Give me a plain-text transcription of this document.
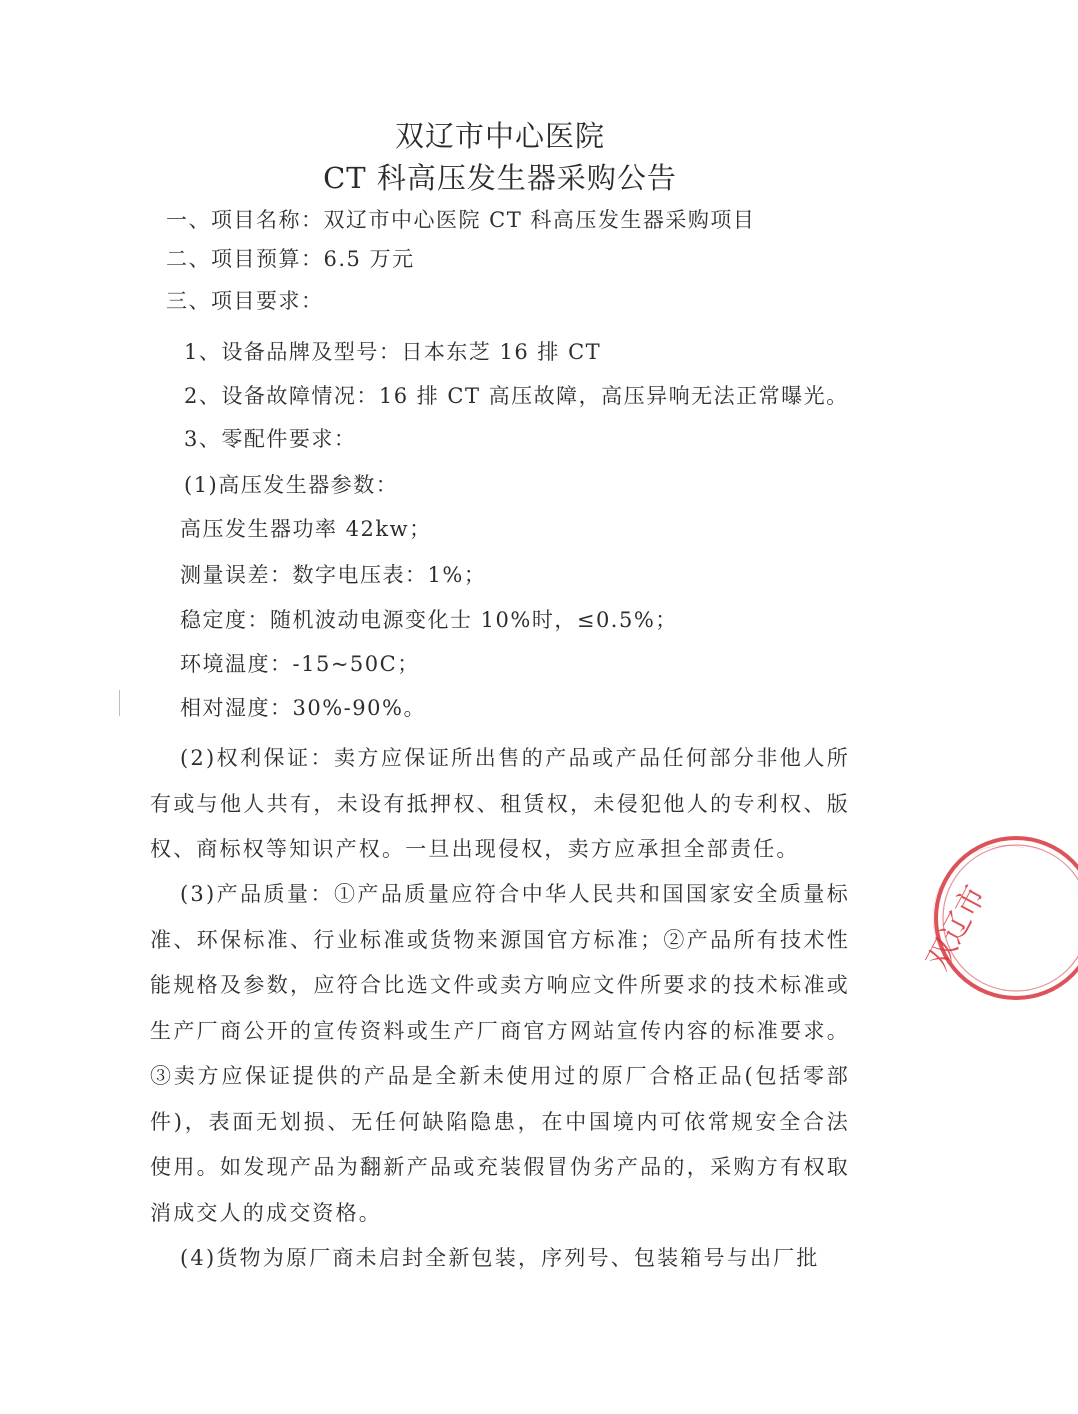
双辽市中心医院
CT 科高压发生器采购公告
一、项目名称：双辽市中心医院 CT 科高压发生器采购项目
二、项目预算：6.5 万元
三、项目要求：
1、设备品牌及型号：日本东芝 16 排 CT
2、设备故障情况：16 排 CT 高压故障，高压异响无法正常曝光。
3、零配件要求：
(1)高压发生器参数：
高压发生器功率 42kw；
测量误差：数字电压表：1%；
稳定度：随机波动电源变化士 10%时，≤0.5%；
环境温度：-15~50C；
相对湿度：30%-90%。
(2)权利保证：卖方应保证所出售的产品或产品任何部分非他人所有或与他人共有，未设有抵押权、租赁权，未侵犯他人的专利权、版权、商标权等知识产权。一旦出现侵权，卖方应承担全部责任。
(3)产品质量：①产品质量应符合中华人民共和国国家安全质量标准、环保标准、行业标准或货物来源国官方标准；②产品所有技术性能规格及参数，应符合比选文件或卖方响应文件所要求的技术标准或生产厂商公开的宣传资料或生产厂商官方网站宣传内容的标准要求。③卖方应保证提供的产品是全新未使用过的原厂合格正品(包括零部件)，表面无划损、无任何缺陷隐患，在中国境内可依常规安全合法使用。如发现产品为翻新产品或充装假冒伪劣产品的，采购方有权取消成交人的成交资格。
(4)货物为原厂商未启封全新包装，序列号、包装箱号与出厂批
双辽市
